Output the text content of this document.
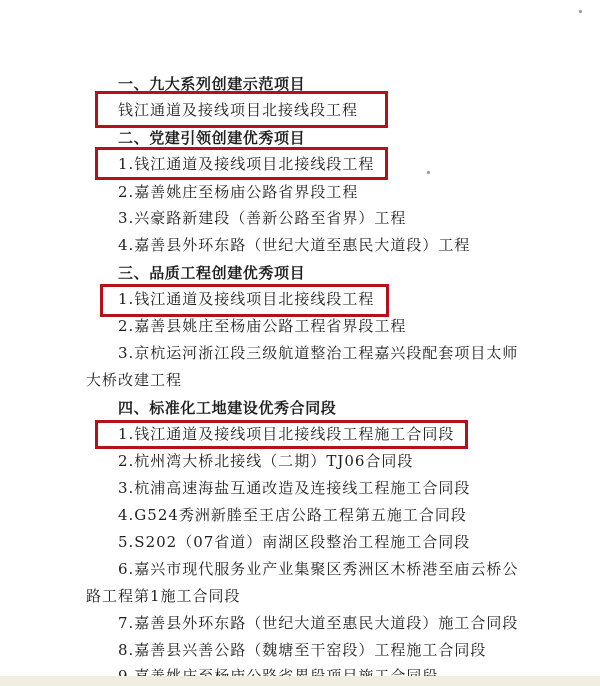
一、九大系列创建示范项目
钱江通道及接线项目北接线段工程
二、党建引领创建优秀项目
1.钱江通道及接线项目北接线段工程
2.嘉善姚庄至杨庙公路省界段工程
3.兴豪路新建段（善新公路至省界）工程
4.嘉善县外环东路（世纪大道至惠民大道段）工程
三、品质工程创建优秀项目
1.钱江通道及接线项目北接线段工程
2.嘉善县姚庄至杨庙公路工程省界段工程
3.京杭运河浙江段三级航道整治工程嘉兴段配套项目太师
大桥改建工程
四、标准化工地建设优秀合同段
1.钱江通道及接线项目北接线段工程施工合同段
2.杭州湾大桥北接线（二期）TJ06合同段
3.杭浦高速海盐互通改造及连接线工程施工合同段
4.G524秀洲新塍至王店公路工程第五施工合同段
5.S202（07省道）南湖区段整治工程施工合同段
6.嘉兴市现代服务业产业集聚区秀洲区木桥港至庙云桥公
路工程第1施工合同段
7.嘉善县外环东路（世纪大道至惠民大道段）施工合同段
8.嘉善县兴善公路（魏塘至干窑段）工程施工合同段
